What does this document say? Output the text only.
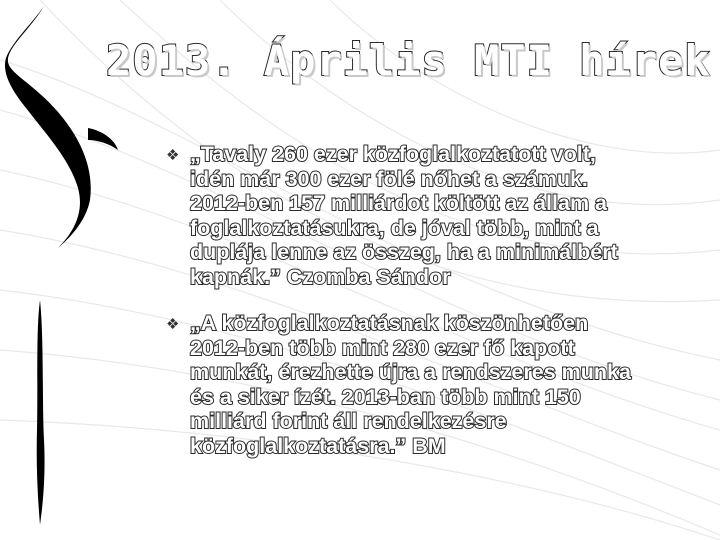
2013. Április MTI hírek
❖ „Tavaly 260 ezer közfoglalkoztatott volt, idén már 300 ezer fölé nőhet a számuk. 2012-ben 157 milliárdot költött az állam a foglalkoztatásukra, de jóval több, mint a duplája lenne az összeg, ha a minimálbért kapnák.” Czomba Sándor
❖ „A közfoglalkoztatásnak köszönhetően 2012-ben több mint 280 ezer fő kapott munkát, érezhette újra a rendszeres munka és a siker ízét. 2013-ban több mint 150 milliárd forint áll rendelkezésre közfoglalkoztatásra.” BM
